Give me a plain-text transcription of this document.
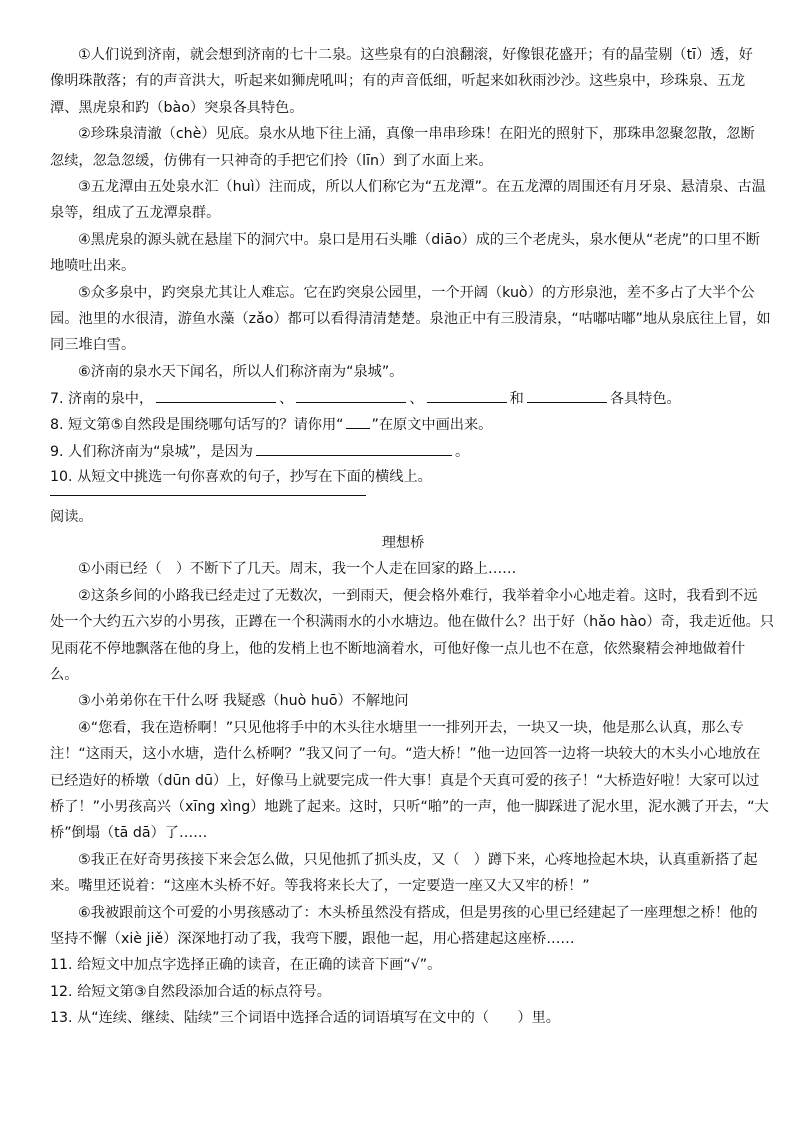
①人们说到济南，就会想到济南的七十二泉。这些泉有的白浪翻滚，好像银花盛开；有的晶莹剔（tī）透，好
像明珠散落；有的声音洪大，听起来如狮虎吼叫；有的声音低细，听起来如秋雨沙沙。这些泉中，珍珠泉、五龙
潭、黑虎泉和趵（bào）突泉各具特色。
②珍珠泉清澈（chè）见底。泉水从地下往上涌，真像一串串珍珠！在阳光的照射下，那珠串忽聚忽散，忽断
忽续，忽急忽缓，仿佛有一只神奇的手把它们拎（līn）到了水面上来。
③五龙潭由五处泉水汇（huì）注而成，所以人们称它为“五龙潭”。在五龙潭的周围还有月牙泉、悬清泉、古温
泉等，组成了五龙潭泉群。
④黑虎泉的源头就在悬崖下的洞穴中。泉口是用石头雕（diāo）成的三个老虎头，泉水便从“老虎”的口里不断
地喷吐出来。
⑤众多泉中，趵突泉尤其让人难忘。它在趵突泉公园里，一个开阔（kuò）的方形泉池，差不多占了大半个公
园。池里的水很清，游鱼水藻（zǎo）都可以看得清清楚楚。泉池正中有三股清泉，“咕嘟咕嘟”地从泉底往上冒，如
同三堆白雪。
⑥济南的泉水天下闻名，所以人们称济南为“泉城”。
7. 济南的泉中，	、	、	和	各具特色。
8. 短文第⑤自然段是围绕哪句话写的？请你用“ ”在原文中画出来。
9. 人们称济南为“泉城”，是因为	。
10. 从短文中挑选一句你喜欢的句子，抄写在下面的横线上。
阅读。
理想桥
①小雨已经（　）不断下了几天。周末，我一个人走在回家的路上……
②这条乡间的小路我已经走过了无数次，一到雨天，便会格外难行，我举着伞小心地走着。这时，我看到不远
处一个大约五六岁的小男孩，正蹲在一个积满雨水的小水塘边。他在做什么？出于好（hǎo hào）奇，我走近他。只
见雨花不停地飘落在他的身上，他的发梢上也不断地滴着水，可他好像一点儿也不在意，依然聚精会神地做着什
么。
③小弟弟你在干什么呀 我疑惑（huò huō）不解地问
④“您看，我在造桥啊！”只见他将手中的木头往水塘里一一排列开去，一块又一块，他是那么认真，那么专
注！“这雨天，这小水塘，造什么桥啊？”我又问了一句。“造大桥！”他一边回答一边将一块较大的木头小心地放在
已经造好的桥墩（dūn dū）上，好像马上就要完成一件大事！真是个天真可爱的孩子！“大桥造好啦！大家可以过
桥了！”小男孩高兴（xīng xìng）地跳了起来。这时，只听“啪”的一声，他一脚踩进了泥水里，泥水溅了开去，“大
桥”倒塌（tā dā）了……
⑤我正在好奇男孩接下来会怎么做，只见他抓了抓头皮，又（　）蹲下来，心疼地捡起木块，认真重新搭了起
来。嘴里还说着：“这座木头桥不好。等我将来长大了，一定要造一座又大又牢的桥！”
⑥我被跟前这个可爱的小男孩感动了：木头桥虽然没有搭成，但是男孩的心里已经建起了一座理想之桥！他的
坚持不懈（xiè jiě）深深地打动了我，我弯下腰，跟他一起，用心搭建起这座桥……
11. 给短文中加点字选择正确的读音，在正确的读音下画“√”。
12. 给短文第③自然段添加合适的标点符号。
13. 从“连续、继续、陆续”三个词语中选择合适的词语填写在文中的（　　）里。
